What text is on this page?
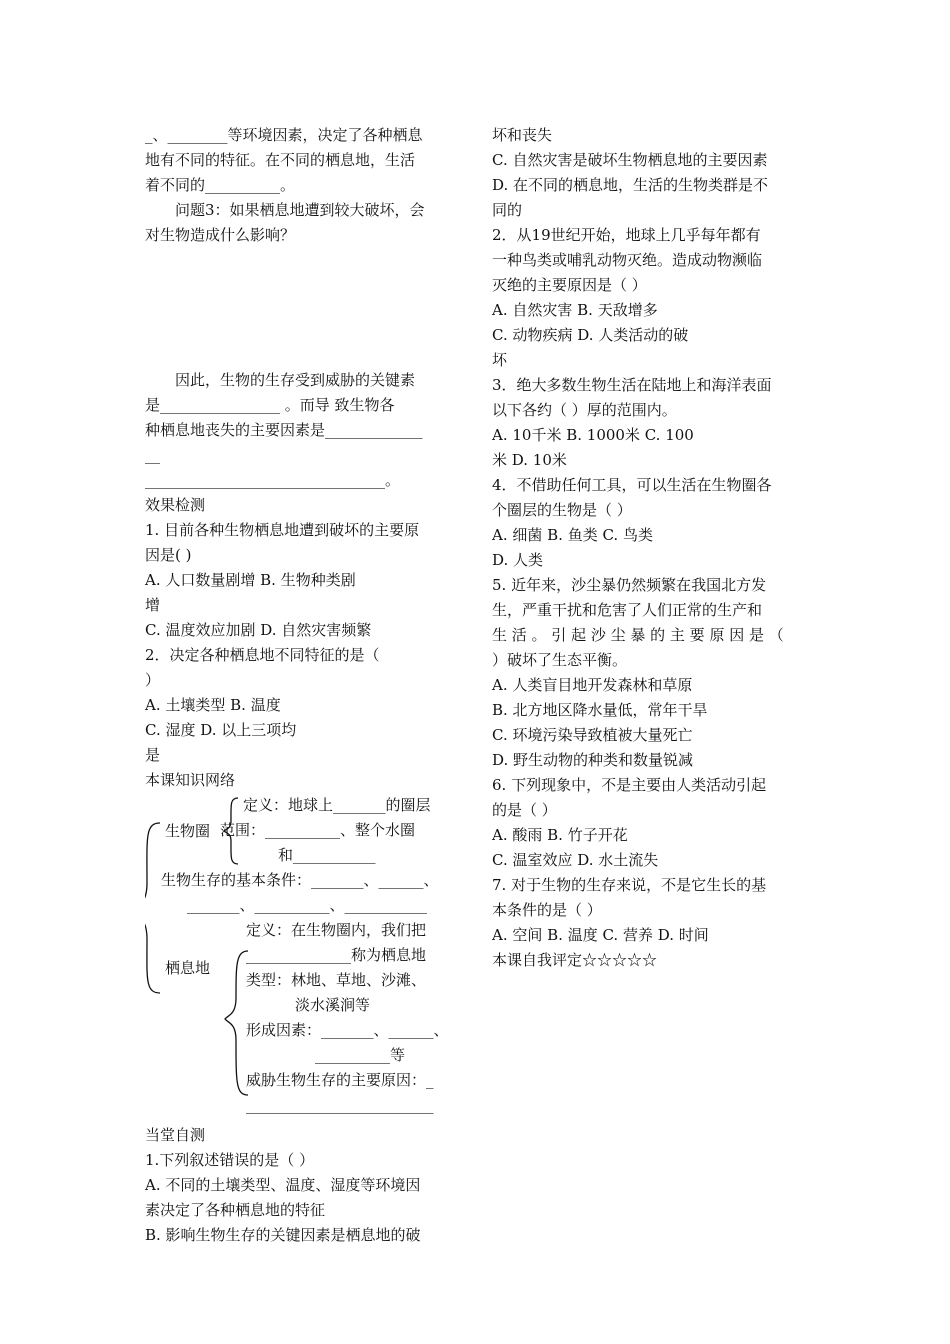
_、________等环境因素，决定了各种栖息
地有不同的特征。在不同的栖息地，生活
着不同的__________。
问题3：如果栖息地遭到较大破坏，会
对生物造成什么影响？
因此，生物的生存受到威胁的关键素
是________________ 。而导 致生物各
种栖息地丧失的主要因素是_____________
__
________________________________。
效果检测
1. 目前各种生物栖息地遭到破坏的主要原
因是( )
A. 人口数量剧增 B. 生物种类剧
增
C. 温度效应加剧 D. 自然灾害频繁
2．决定各种栖息地不同特征的是（
）
A. 土壤类型 B. 温度
C. 湿度 D. 以上三项均
是
本课知识网络
生物圈
定义：地球上_______的圈层
范围：__________、整个水圈
和___________
生物生存的基本条件：_______、______、
_______、__________、___________
栖息地
定义：在生物圈内，我们把
______________称为栖息地
类型：林地、草地、沙滩、
淡水溪涧等
形成因素：_______、______、
__________等
威胁生物生存的主要原因：_
_________________________
当堂自测
1.下列叙述错误的是（ ）
A. 不同的土壤类型、温度、湿度等环境因
素决定了各种栖息地的特征
B. 影响生物生存的关键因素是栖息地的破
坏和丧失
C. 自然灾害是破坏生物栖息地的主要因素
D. 在不同的栖息地，生活的生物类群是不
同的
2．从19世纪开始，地球上几乎每年都有
一种鸟类或哺乳动物灭绝。造成动物濒临
灭绝的主要原因是（ ）
A. 自然灾害 B. 天敌增多
C. 动物疾病 D. 人类活动的破
坏
3．绝大多数生物生活在陆地上和海洋表面
以下各约（ ）厚的范围内。
A. 10千米 B. 1000米 C. 100
米 D. 10米
4．不借助任何工具，可以生活在生物圈各
个圈层的生物是（ ）
A. 细菌 B. 鱼类 C. 鸟类
D. 人类
5. 近年来，沙尘暴仍然频繁在我国北方发
生，严重干扰和危害了人们正常的生产和
生 活 。 引 起 沙 尘 暴 的 主 要 原 因 是 （
）破坏了生态平衡。
A. 人类盲目地开发森林和草原
B. 北方地区降水量低，常年干旱
C. 环境污染导致植被大量死亡
D. 野生动物的种类和数量锐减
6. 下列现象中，不是主要由人类活动引起
的是（ ）
A. 酸雨 B. 竹子开花
C. 温室效应 D. 水土流失
7. 对于生物的生存来说，不是它生长的基
本条件的是（ ）
A. 空间 B. 温度 C. 营养 D. 时间
本课自我评定☆☆☆☆☆
